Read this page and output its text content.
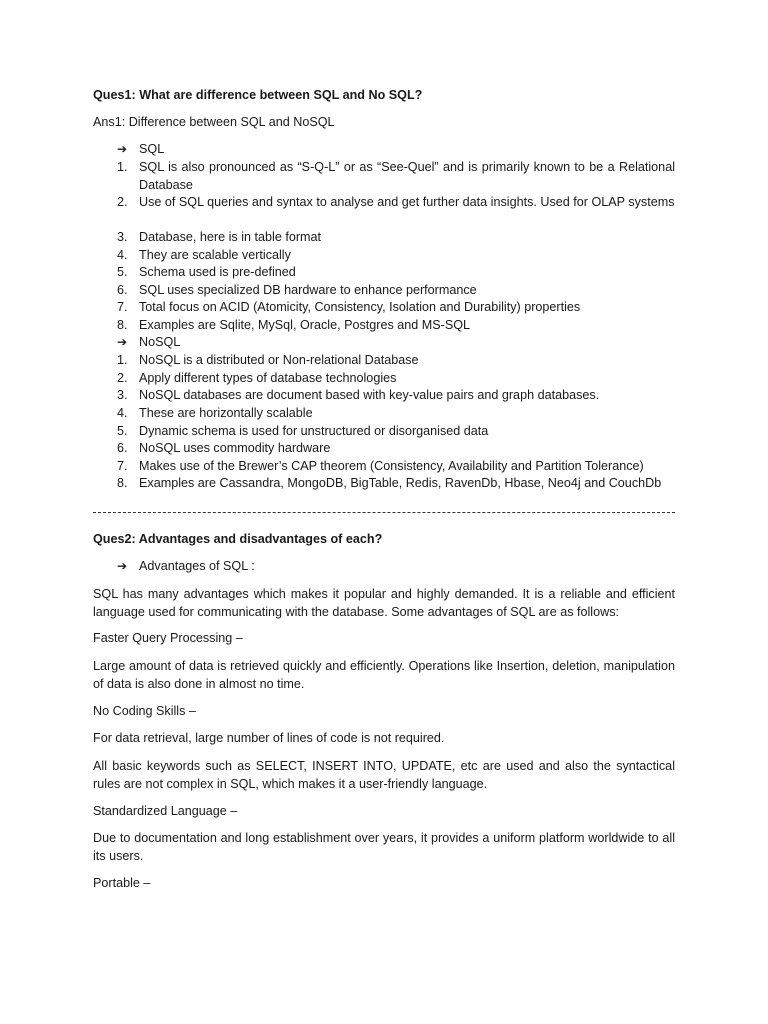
Ques1: What are difference between SQL and No SQL?
Ans1: Difference between SQL and NoSQL
➔ SQL
1. SQL is also pronounced as “S-Q-L” or as “See-Quel” and is primarily known to be a Relational Database
2. Use of SQL queries and syntax to analyse and get further data insights. Used for OLAP systems
3. Database, here is in table format
4. They are scalable vertically
5. Schema used is pre-defined
6. SQL uses specialized DB hardware to enhance performance
7. Total focus on ACID (Atomicity, Consistency, Isolation and Durability) properties
8. Examples are Sqlite, MySql, Oracle, Postgres and MS-SQL
➔ NoSQL
1. NoSQL is a distributed or Non-relational Database
2. Apply different types of database technologies
3. NoSQL databases are document based with key-value pairs and graph databases.
4. These are horizontally scalable
5. Dynamic schema is used for unstructured or disorganised data
6. NoSQL uses commodity hardware
7. Makes use of the Brewer’s CAP theorem (Consistency, Availability and Partition Tolerance)
8. Examples are Cassandra, MongoDB, BigTable, Redis, RavenDb, Hbase, Neo4j and CouchDb
Ques2: Advantages and disadvantages of each?
➔ Advantages of SQL :
SQL has many advantages which makes it popular and highly demanded. It is a reliable and efficient language used for communicating with the database. Some advantages of SQL are as follows:
Faster Query Processing –
Large amount of data is retrieved quickly and efficiently. Operations like Insertion, deletion, manipulation of data is also done in almost no time.
No Coding Skills –
For data retrieval, large number of lines of code is not required.
All basic keywords such as SELECT, INSERT INTO, UPDATE, etc are used and also the syntactical rules are not complex in SQL, which makes it a user-friendly language.
Standardized Language –
Due to documentation and long establishment over years, it provides a uniform platform worldwide to all its users.
Portable –
